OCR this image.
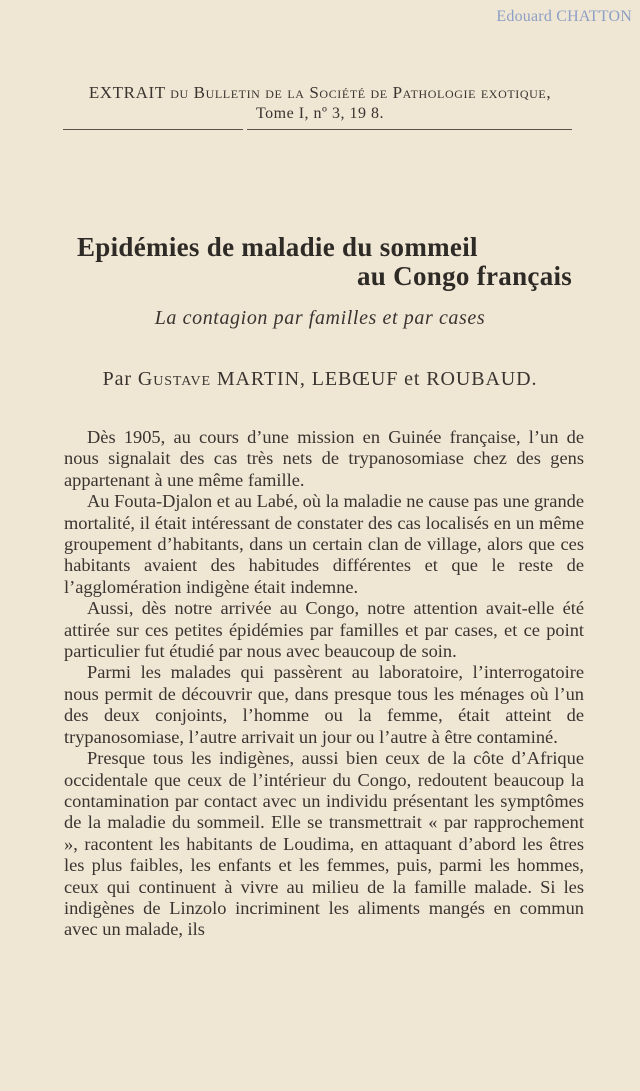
Edouard CHATTON
EXTRAIT du Bulletin de la Société de Pathologie exotique,
Tome I, nº 3, 19 8.
Epidémies de maladie du sommeil
au Congo français
La contagion par familles et par cases
Par Gustave MARTIN, LEBŒUF et ROUBAUD.

Dès 1905, au cours d’une mission en Guinée française, l’un de nous signalait des cas très nets de trypanosomiase chez des gens appartenant à une même famille.

Au Fouta-Djalon et au Labé, où la maladie ne cause pas une grande mortalité, il était intéressant de constater des cas localisés en un même groupement d’habitants, dans un certain clan de village, alors que ces habitants avaient des habitudes différentes et que le reste de l’agglomération indigène était indemne.

Aussi, dès notre arrivée au Congo, notre attention avait-elle été attirée sur ces petites épidémies par familles et par cases, et ce point particulier fut étudié par nous avec beaucoup de soin.

Parmi les malades qui passèrent au laboratoire, l’interrogatoire nous permit de découvrir que, dans presque tous les ménages où l’un des deux conjoints, l’homme ou la femme, était atteint de trypanosomiase, l’autre arrivait un jour ou l’autre à être contaminé.

Presque tous les indigènes, aussi bien ceux de la côte d’Afrique occidentale que ceux de l’intérieur du Congo, redoutent beaucoup la contamination par contact avec un individu présentant les symptômes de la maladie du sommeil. Elle se transmettrait « par rapprochement », racontent les habitants de Loudima, en attaquant d’abord les êtres les plus faibles, les enfants et les femmes, puis, parmi les hommes, ceux qui continuent à vivre au milieu de la famille malade. Si les indigènes de Linzolo incriminent les aliments mangés en commun avec un malade, ils
